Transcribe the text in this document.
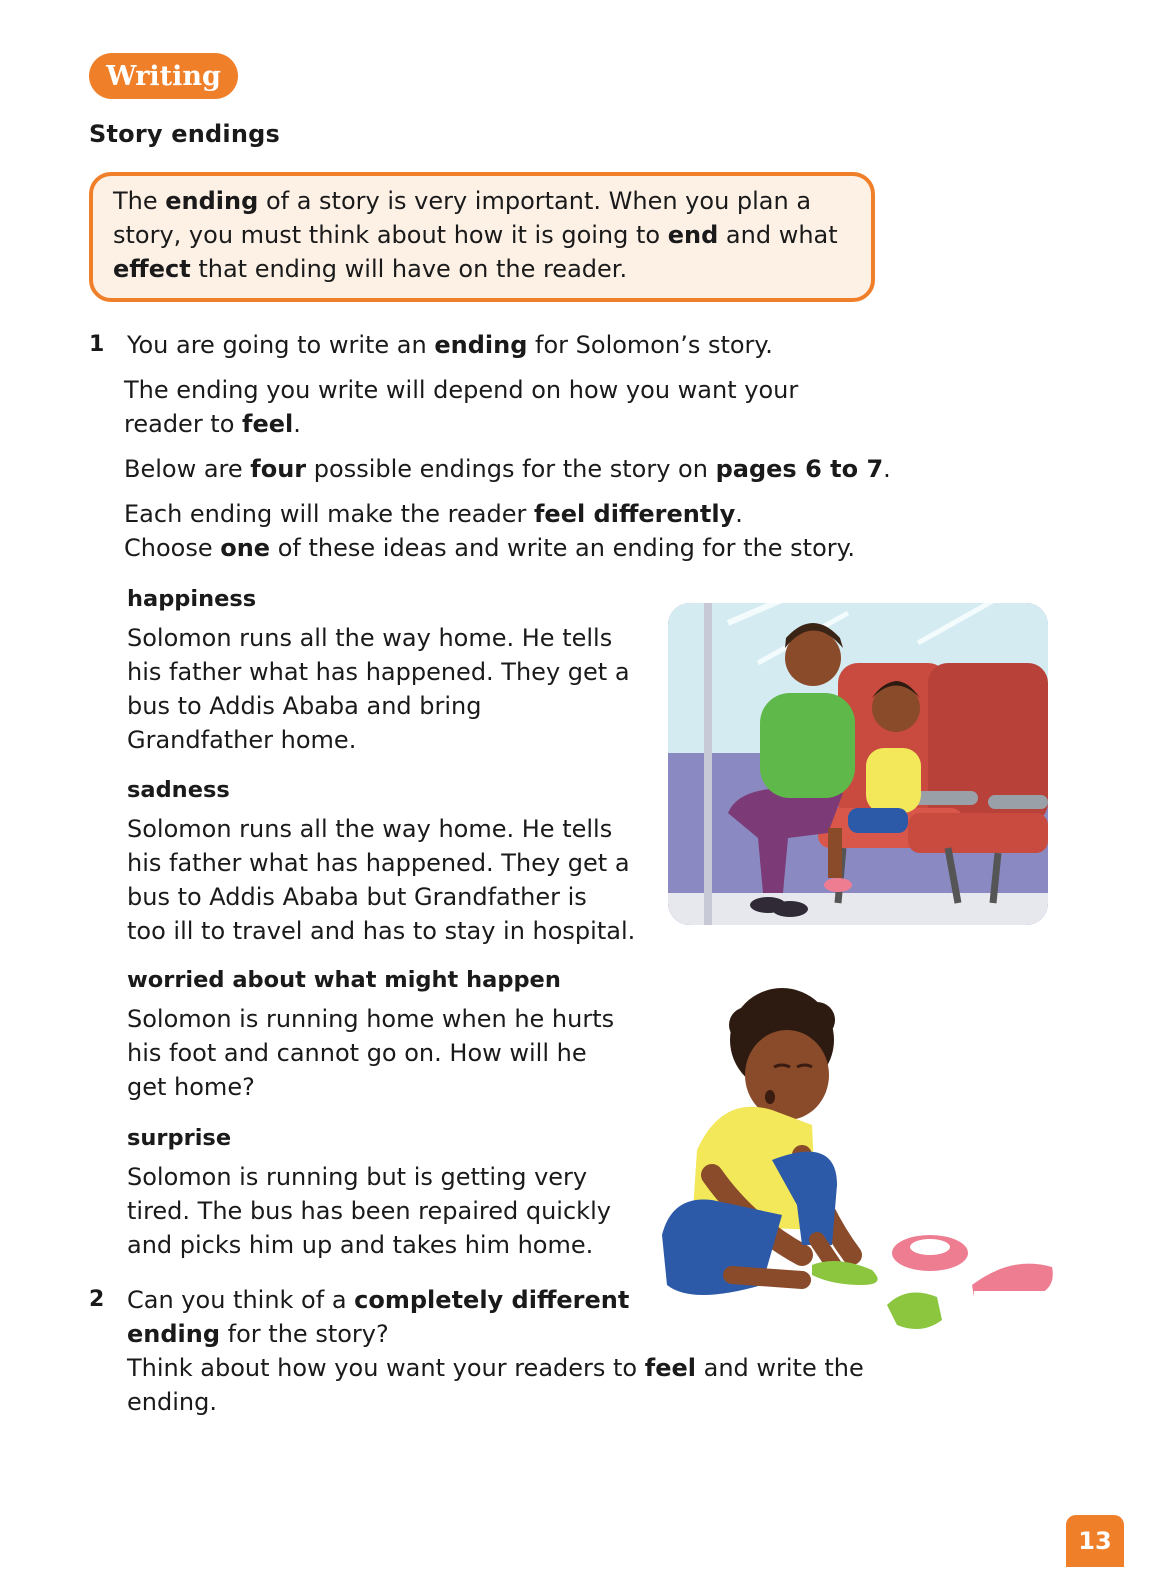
Writing
Story endings

The ending of a story is very important. When you plan a

story, you must think about how it is going to end and what

effect that ending will have on the reader.

1 You are going to write an ending for Solomon’s story.

The ending you write will depend on how you want your

reader to feel.

Below are four possible endings for the story on pages 6 to 7.

Each ending will make the reader feel differently.

Choose one of these ideas and write an ending for the story.

happiness
Solomon runs all the way home. He tells
his father what has happened. They get a
bus to Addis Ababa and bring
Grandfather home.
sadness
Solomon runs all the way home. He tells
his father what has happened. They get a
bus to Addis Ababa but Grandfather is
too ill to travel and has to stay in hospital.
worried about what might happen
Solomon is running home when he hurts
his foot and cannot go on. How will he
get home?
surprise
Solomon is running but is getting very
tired. The bus has been repaired quickly
and picks him up and takes him home.
2 Can you think of a completely different

ending for the story?

Think about how you want your readers to feel and write the

ending.

13
